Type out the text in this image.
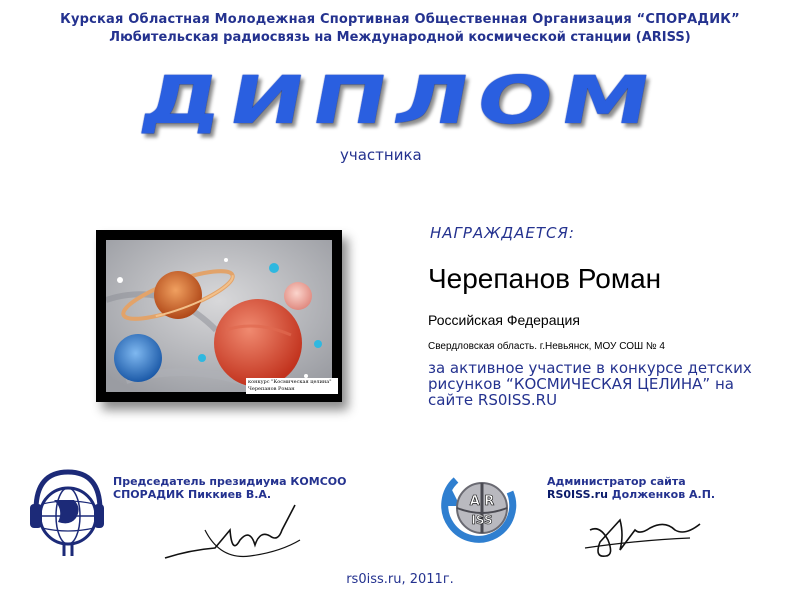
Курская Областная Молодежная Спортивная Общественная Организация “СПОРАДИК”
Любительская радиосвязь на Международной космической станции (ARISS)
ДИПЛОМ
участника
конкурс "Космическая целина"
Черепанов Роман
НАГРАЖДАЕТСЯ:
Черепанов Роман
Российская Федерация
Свердловская область. г.Невьянск, МОУ СОШ № 4
за активное участие в конкурсе детских рисунков “КОСМИЧЕСКАЯ ЦЕЛИНА” на сайте RS0ISS.RU
Председатель президиума КОМСОО
СПОРАДИК Пиккиев В.А.	A R
ISS
Администратор сайта
RS0ISS.ru Долженков А.П.
rs0iss.ru, 2011г.
